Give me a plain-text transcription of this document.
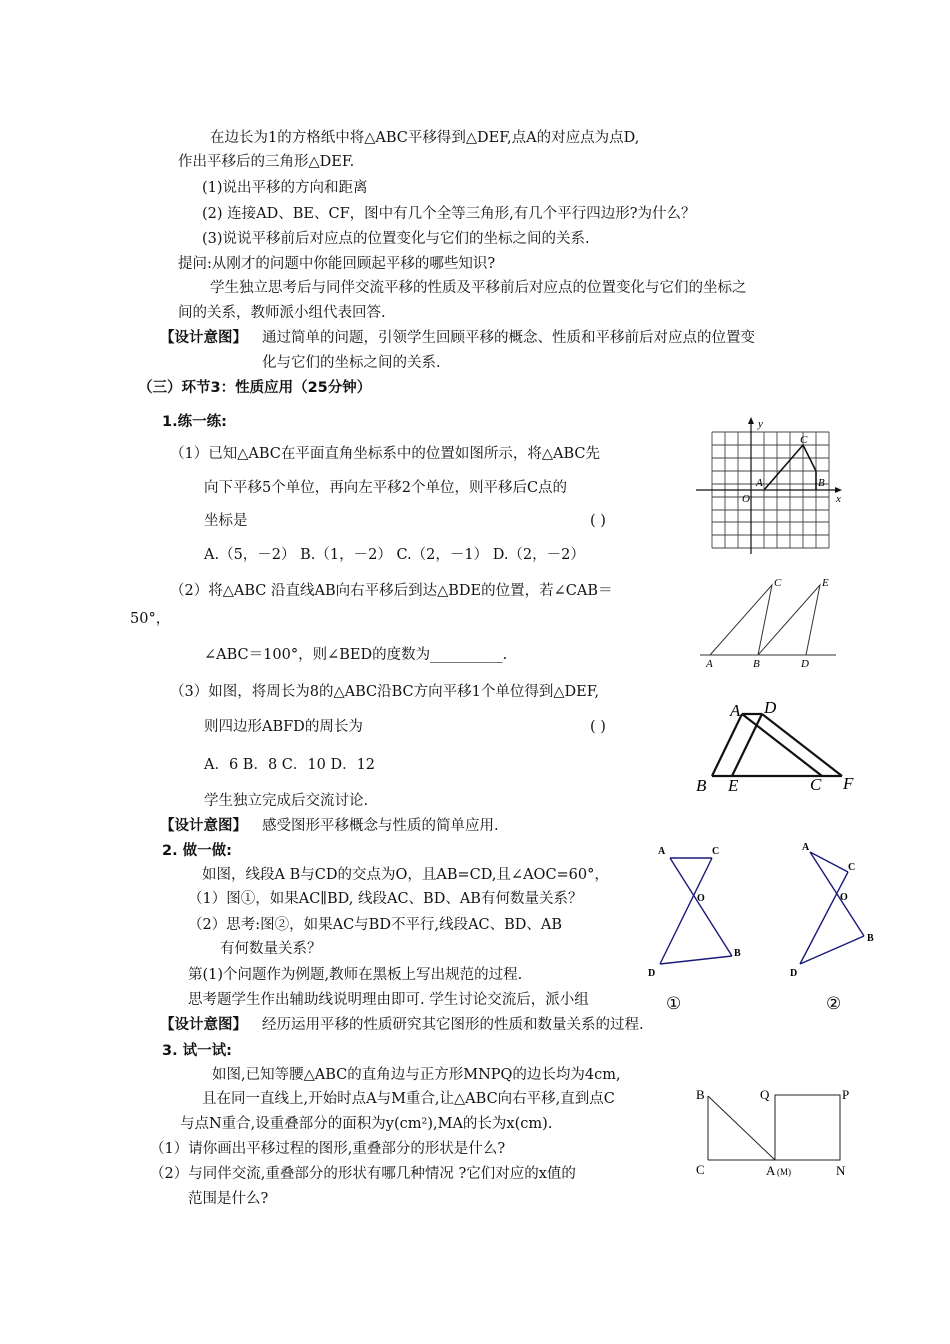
在边长为1的方格纸中将△ABC平移得到△DEF,点A的对应点为点D,
作出平移后的三角形△DEF.
(1)说出平移的方向和距离
(2) 连接AD、BE、CF，图中有几个全等三角形,有几个平行四边形?为什么？
(3)说说平移前后对应点的位置变化与它们的坐标之间的关系.
提问:从刚才的问题中你能回顾起平移的哪些知识?
学生独立思考后与同伴交流平移的性质及平移前后对应点的位置变化与它们的坐标之
间的关系，教师派小组代表回答.
【设计意图】 通过简单的问题，引领学生回顾平移的概念、性质和平移前后对应点的位置变
化与它们的坐标之间的关系.
（三）环节3：性质应用（25分钟）
1.练一练:
（1）已知△ABC在平面直角坐标系中的位置如图所示，将△ABC先
向下平移5个单位，再向左平移2个单位，则平移后C点的
坐标是	( )
A.（5，－2） B.（1，－2） C.（2，－1） D.（2，－2）
（2）将△ABC 沿直线AB向右平移后到达△BDE的位置，若∠CAB＝
50°，
∠ABC＝100°，则∠BED的度数为__________.
（3）如图，将周长为8的△ABC沿BC方向平移1个单位得到△DEF,
则四边形ABFD的周长为	( )
A．6 B．8 C．10 D．12
学生独立完成后交流讨论.
【设计意图】 感受图形平移概念与性质的简单应用.
2. 做一做:
如图，线段A B与CD的交点为O，且AB=CD,且∠AOC=60°，
（1）图①，如果AC∥BD, 线段AC、BD、AB有何数量关系？
（2）思考:图②，如果AC与BD不平行,线段AC、BD、AB
有何数量关系？
第(1)个问题作为例题,教师在黑板上写出规范的过程.
思考题学生作出辅助线说明理由即可. 学生讨论交流后，派小组
【设计意图】 经历运用平移的性质研究其它图形的性质和数量关系的过程.
3. 试一试:
如图,已知等腰△ABC的直角边与正方形MNPQ的边长均为4cm,
且在同一直线上,开始时点A与M重合,让△ABC向右平移,直到点C
与点N重合,设重叠部分的面积为y(cm²),MA的长为x(cm).
（1）请你画出平移过程的图形,重叠部分的形状是什么?
（2）与同伴交流,重叠部分的形状有哪几种情况 ?它们对应的x值的
范围是什么?
y
x
O
A	B
C
A	B
C
D
E
A D
B E	C F
A	C
O
B
D
①
A
C
O
B
D
②
B	Q	P
C	A (M)	N
